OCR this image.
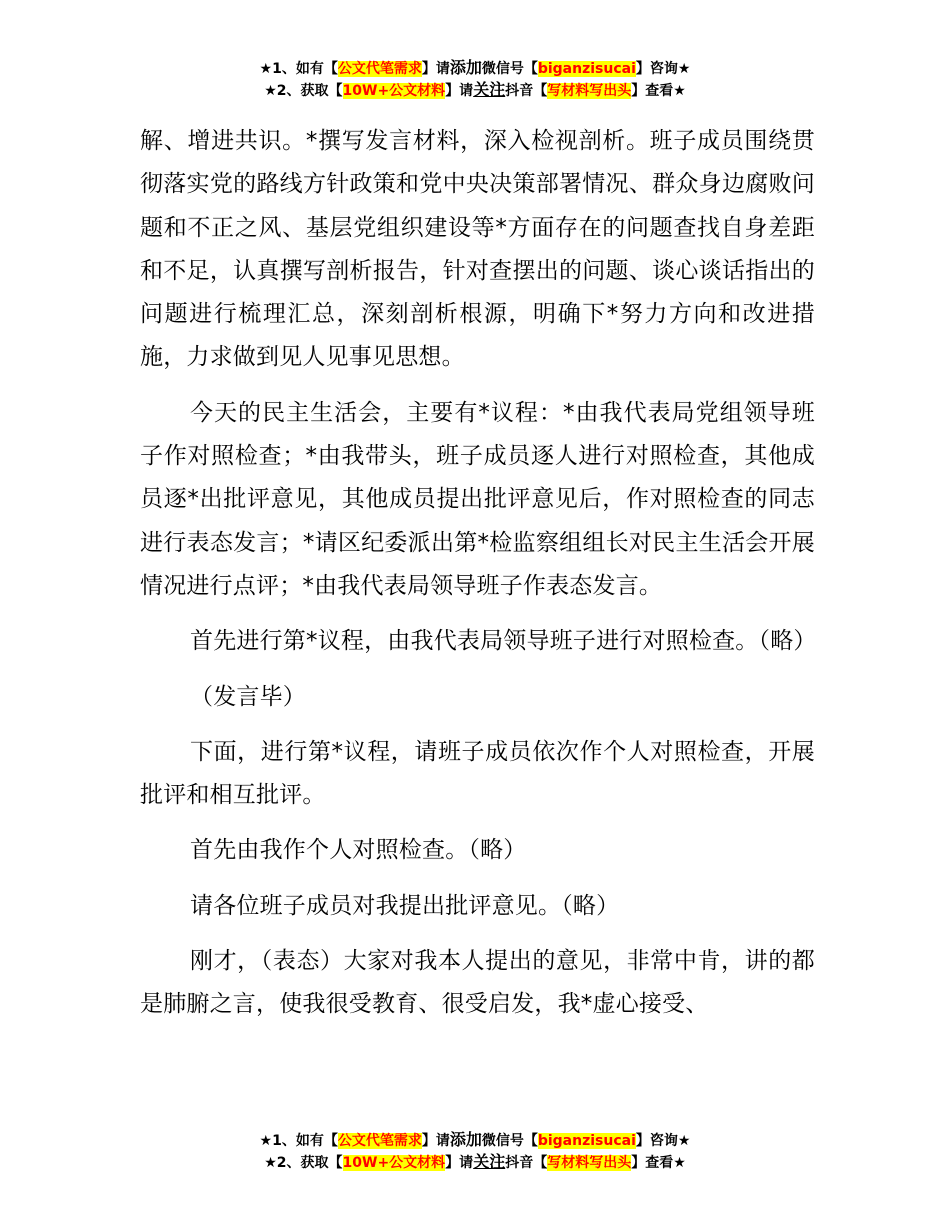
★1、如有【公文代笔需求】请添加微信号【biganzisucai】咨询★
★2、获取【10W+公文材料】请关注抖音【写材料写出头】查看★

解、增进共识。*撰写发言材料，深入检视剖析。班子成员围绕贯彻落实党的路线方针政策和党中央决策部署情况、群众身边腐败问题和不正之风、基层党组织建设等*方面存在的问题查找自身差距和不足，认真撰写剖析报告，针对查摆出的问题、谈心谈话指出的问题进行梳理汇总，深刻剖析根源，明确下*努力方向和改进措施，力求做到见人见事见思想。

今天的民主生活会，主要有*议程：*由我代表局党组领导班子作对照检查；*由我带头，班子成员逐人进行对照检查，其他成员逐*出批评意见，其他成员提出批评意见后，作对照检查的同志进行表态发言；*请区纪委派出第*检监察组组长对民主生活会开展情况进行点评；*由我代表局领导班子作表态发言。

首先进行第*议程，由我代表局领导班子进行对照检查。（略）

（发言毕）

下面，进行第*议程，请班子成员依次作个人对照检查，开展批评和相互批评。

首先由我作个人对照检查。（略）

请各位班子成员对我提出批评意见。（略）

刚才，（表态）大家对我本人提出的意见，非常中肯，讲的都是肺腑之言，使我很受教育、很受启发，我*虚心接受、

★1、如有【公文代笔需求】请添加微信号【biganzisucai】咨询★
★2、获取【10W+公文材料】请关注抖音【写材料写出头】查看★
